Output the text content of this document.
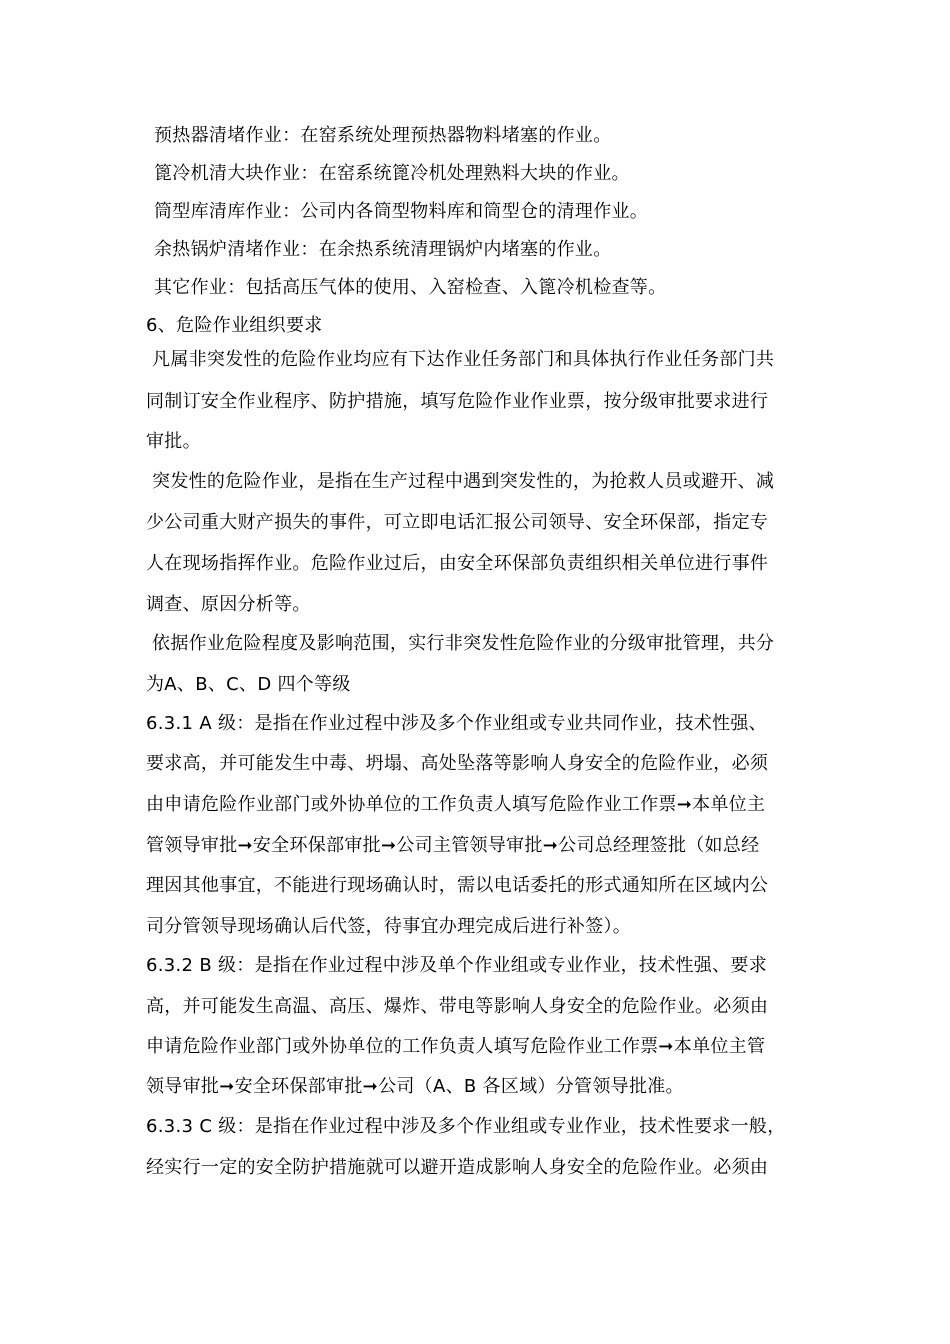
预热器清堵作业：在窑系统处理预热器物料堵塞的作业。
篦冷机清大块作业：在窑系统篦冷机处理熟料大块的作业。
筒型库清库作业：公司内各筒型物料库和筒型仓的清理作业。
余热锅炉清堵作业：在余热系统清理锅炉内堵塞的作业。
其它作业：包括高压气体的使用、入窑检查、入篦冷机检查等。
6、危险作业组织要求
凡属非突发性的危险作业均应有下达作业任务部门和具体执行作业任务部门共
同制订安全作业程序、防护措施，填写危险作业作业票，按分级审批要求进行
审批。
突发性的危险作业，是指在生产过程中遇到突发性的，为抢救人员或避开、减
少公司重大财产损失的事件，可立即电话汇报公司领导、安全环保部，指定专
人在现场指挥作业。危险作业过后，由安全环保部负责组织相关单位进行事件
调查、原因分析等。
依据作业危险程度及影响范围，实行非突发性危险作业的分级审批管理，共分
为A、B、C、D 四个等级
6.3.1 A 级：是指在作业过程中涉及多个作业组或专业共同作业，技术性强、
要求高，并可能发生中毒、坍塌、高处坠落等影响人身安全的危险作业，必须
由申请危险作业部门或外协单位的工作负责人填写危险作业工作票➞本单位主
管领导审批➞安全环保部审批➞公司主管领导审批➞公司总经理签批（如总经
理因其他事宜，不能进行现场确认时，需以电话委托的形式通知所在区域内公
司分管领导现场确认后代签，待事宜办理完成后进行补签）。
6.3.2 B 级：是指在作业过程中涉及单个作业组或专业作业，技术性强、要求
高，并可能发生高温、高压、爆炸、带电等影响人身安全的危险作业。必须由
申请危险作业部门或外协单位的工作负责人填写危险作业工作票➞本单位主管
领导审批➞安全环保部审批➞公司（A、B 各区域）分管领导批准。
6.3.3 C 级：是指在作业过程中涉及多个作业组或专业作业，技术性要求一般，
经实行一定的安全防护措施就可以避开造成影响人身安全的危险作业。必须由
